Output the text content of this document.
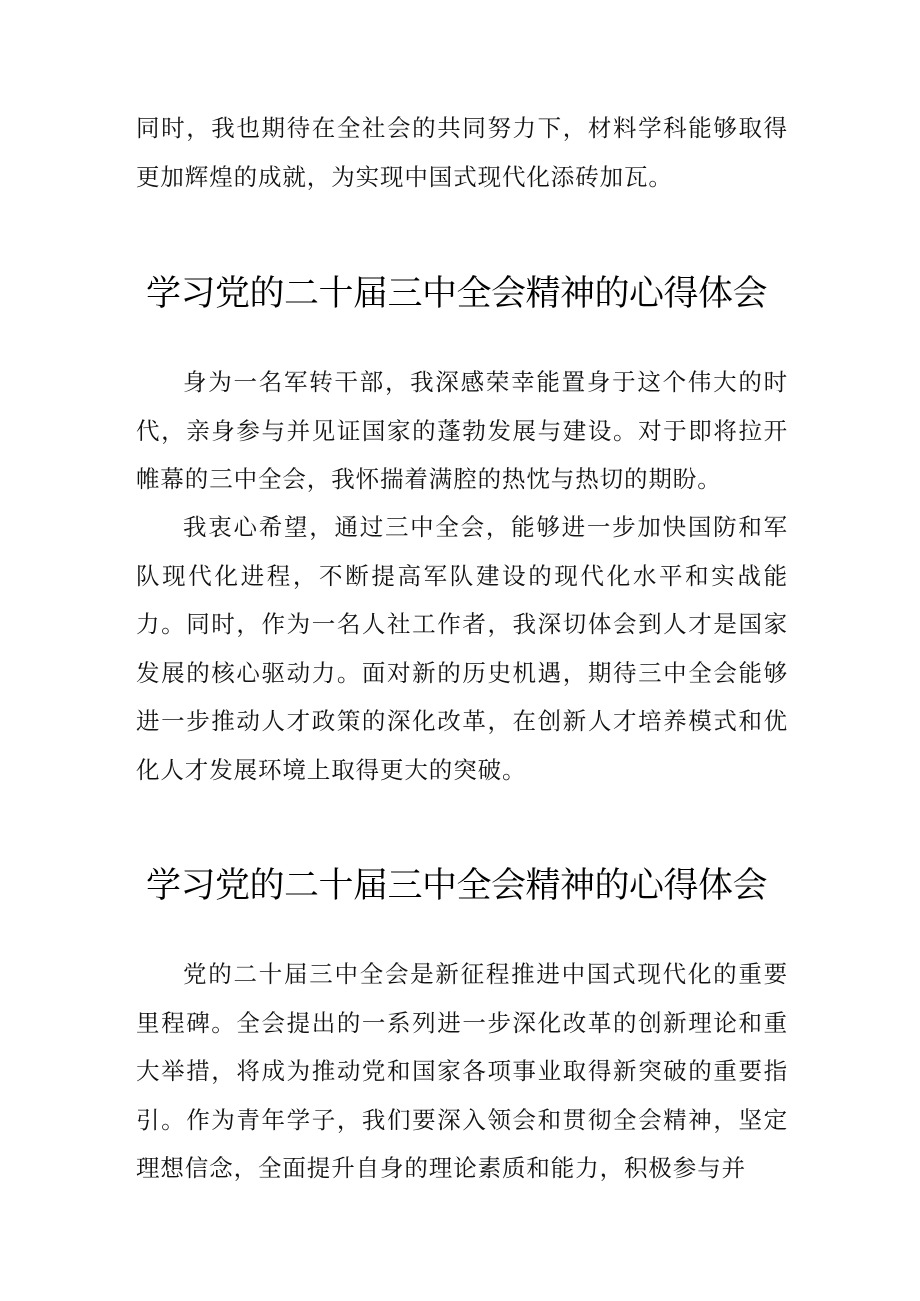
同时，我也期待在全社会的共同努力下，材料学科能够取得更加辉煌的成就，为实现中国式现代化添砖加瓦。

学习党的二十届三中全会精神的心得体会

身为一名军转干部，我深感荣幸能置身于这个伟大的时代，亲身参与并见证国家的蓬勃发展与建设。对于即将拉开帷幕的三中全会，我怀揣着满腔的热忱与热切的期盼。

我衷心希望，通过三中全会，能够进一步加快国防和军队现代化进程，不断提高军队建设的现代化水平和实战能力。同时，作为一名人社工作者，我深切体会到人才是国家发展的核心驱动力。面对新的历史机遇，期待三中全会能够进一步推动人才政策的深化改革，在创新人才培养模式和优化人才发展环境上取得更大的突破。

学习党的二十届三中全会精神的心得体会

党的二十届三中全会是新征程推进中国式现代化的重要里程碑。全会提出的一系列进一步深化改革的创新理论和重大举措，将成为推动党和国家各项事业取得新突破的重要指引。作为青年学子，我们要深入领会和贯彻全会精神，坚定理想信念，全面提升自身的理论素质和能力，积极参与并
